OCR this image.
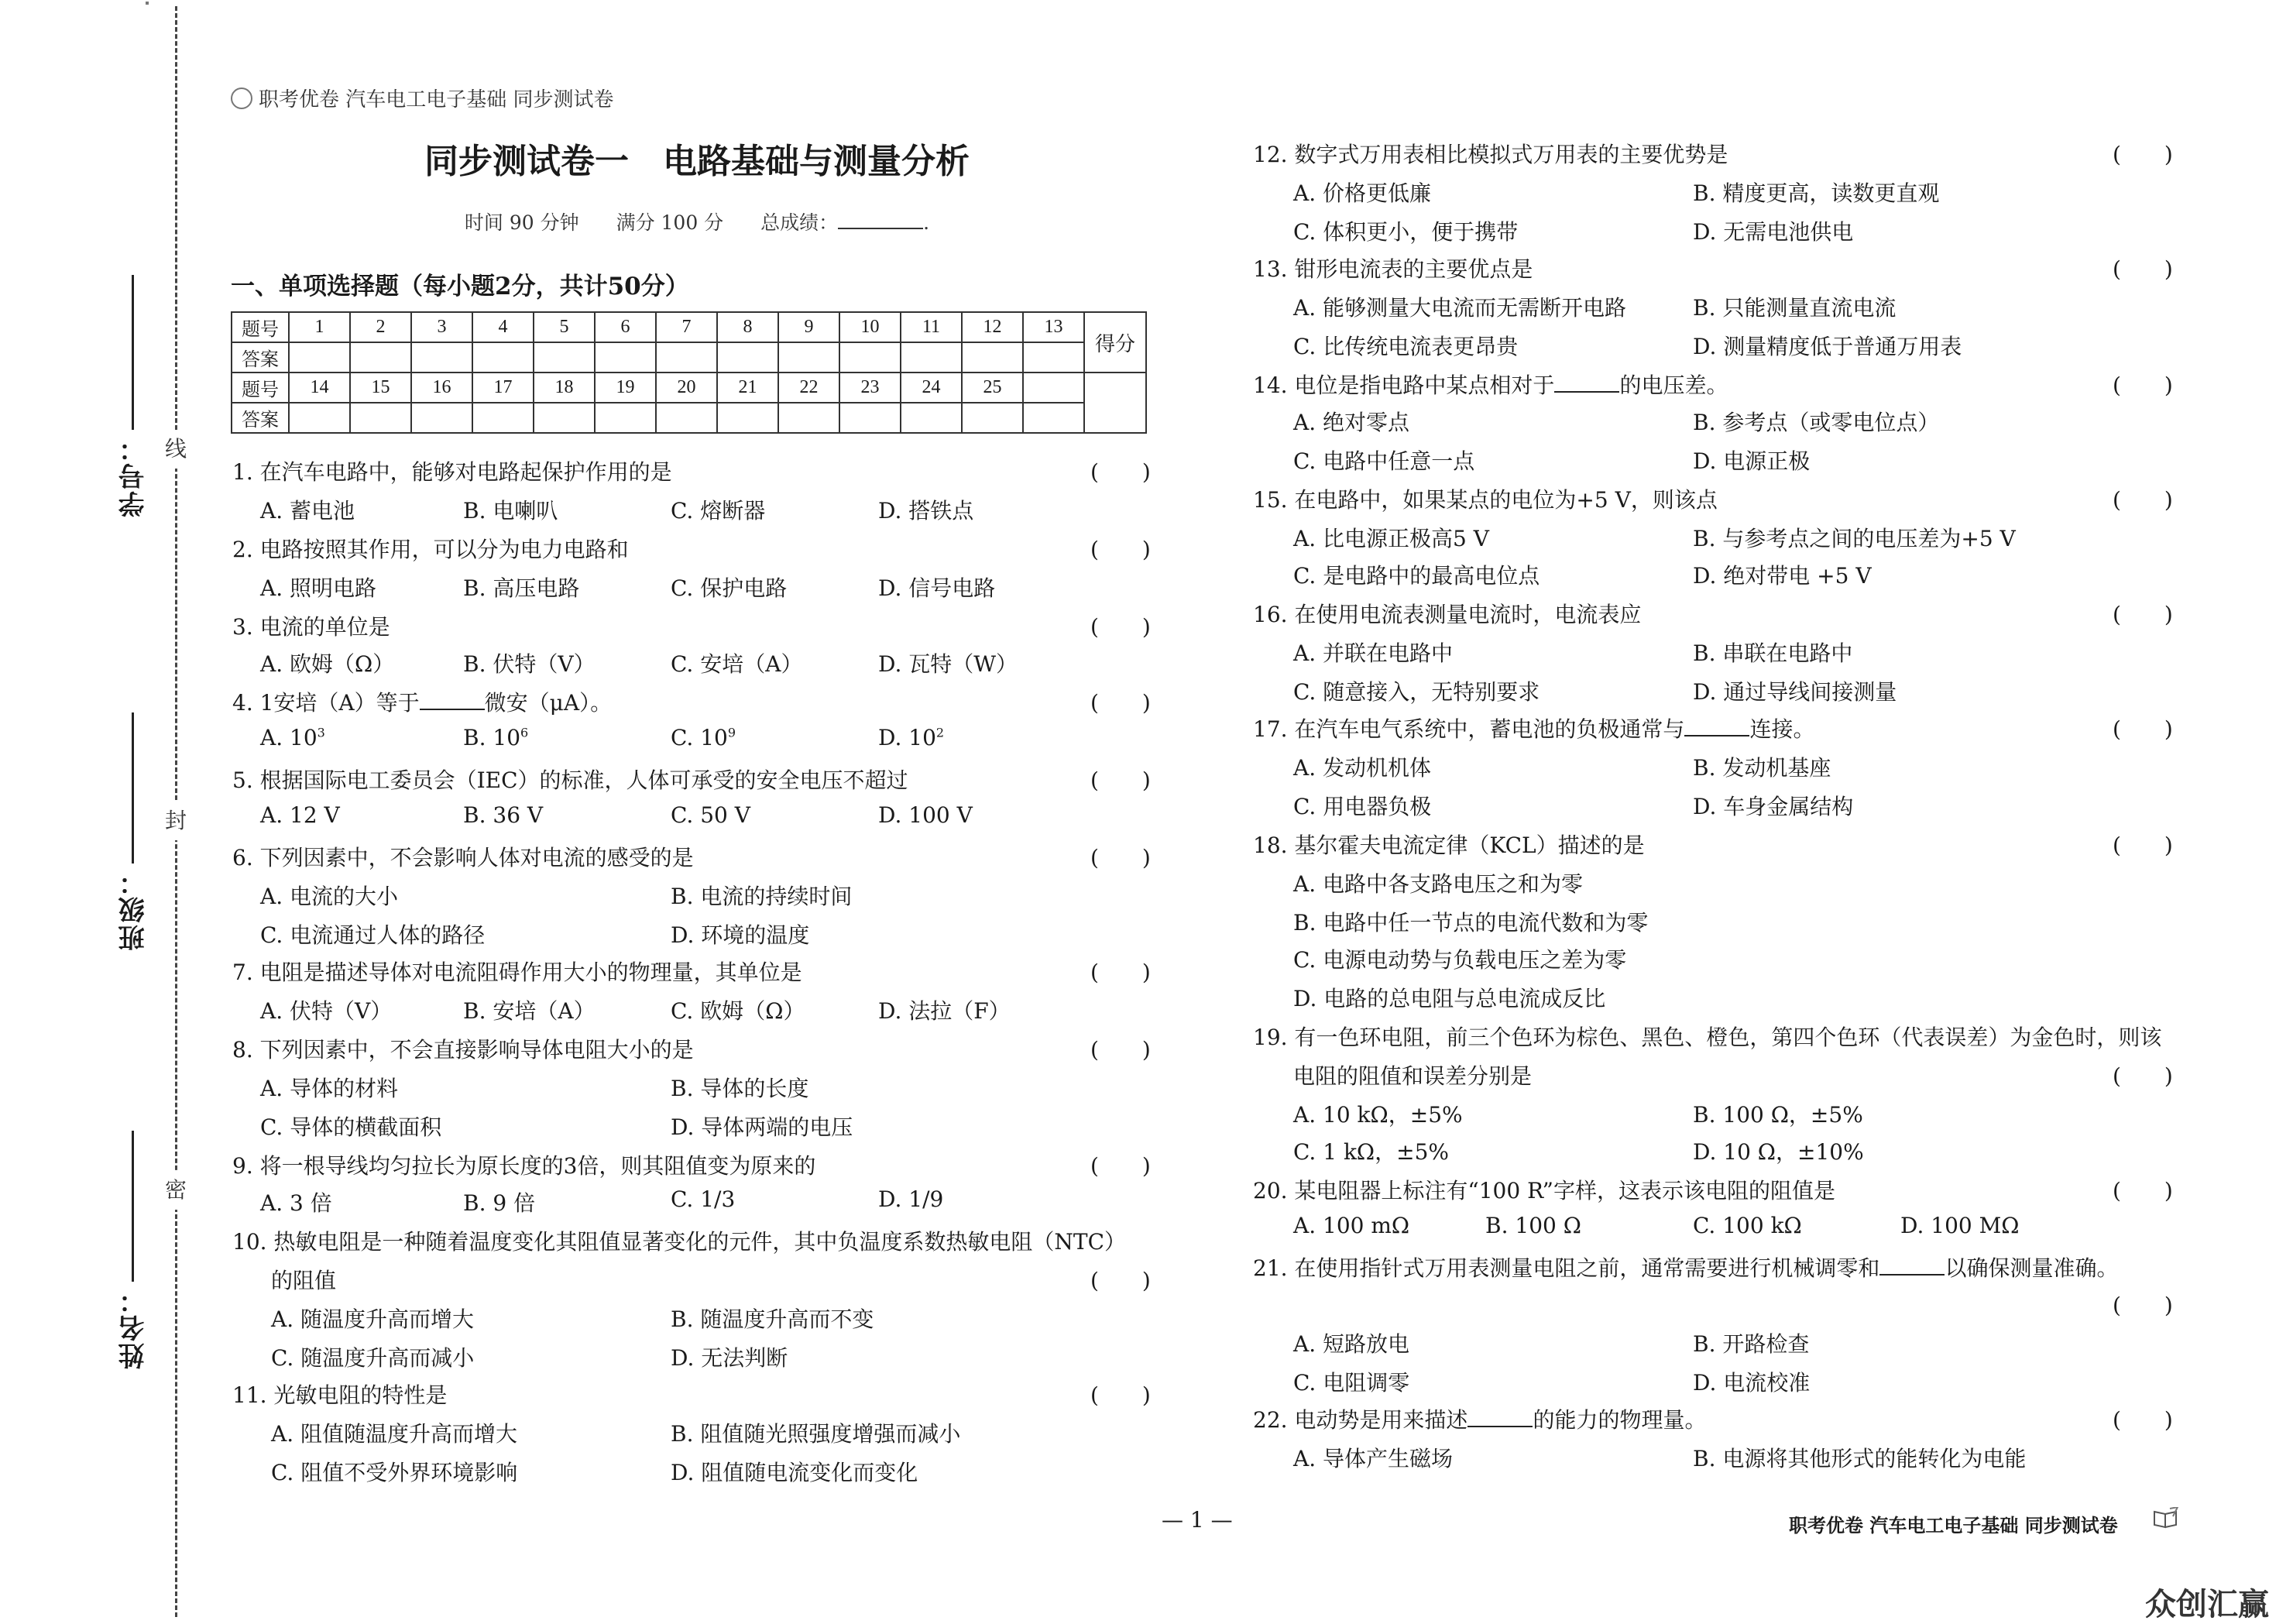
线
封
密
学号：
班级：
姓名：
职考优卷 汽车电工电子基础 同步测试卷
同步测试卷一　电路基础与测量分析
时间 90 分钟 满分 100 分 总成绩：	.
一、单项选择题（每小题2分，共计50分）
题号	1	2	3	4	5	6	7	8	9	10	11	12	13	得分
答案														
题号	14	15	16	17	18	19	20	21	22	23	24	25		
答案														
1. 在汽车电路中，能够对电路起保护作用的是	(　　)
A. 蓄电池	B. 电喇叭	C. 熔断器	D. 搭铁点
2. 电路按照其作用，可以分为电力电路和	(　　)
A. 照明电路	B. 高压电路	C. 保护电路	D. 信号电路
3. 电流的单位是	(　　)
A. 欧姆（Ω）	B. 伏特（V）	C. 安培（A）	D. 瓦特（W）
4. 1安培（A）等于	微安（μA）。	(　　)
A. $10^3$	B. $10^6$	C. $10^9$	D. $10^2$
5. 根据国际电工委员会（IEC）的标准，人体可承受的安全电压不超过	(　　)
A. 12 V	B. 36 V	C. 50 V	D. 100 V
6. 下列因素中，不会影响人体对电流的感受的是	(　　)
A. 电流的大小	B. 电流的持续时间
C. 电流通过人体的路径	D. 环境的温度
7. 电阻是描述导体对电流阻碍作用大小的物理量，其单位是	(　　)
A. 伏特（V）	B. 安培（A）	C. 欧姆（Ω）	D. 法拉（F）
8. 下列因素中，不会直接影响导体电阻大小的是	(　　)
A. 导体的材料	B. 导体的长度
C. 导体的横截面积	D. 导体两端的电压
9. 将一根导线均匀拉长为原长度的3倍，则其阻值变为原来的	(　　)
A. 3 倍	B. 9 倍	C. 1/3	D. 1/9
10. 热敏电阻是一种随着温度变化其阻值显著变化的元件，其中负温度系数热敏电阻（NTC）
的阻值	(　　)
A. 随温度升高而增大	B. 随温度升高而不变
C. 随温度升高而减小	D. 无法判断
11. 光敏电阻的特性是	(　　)
A. 阻值随温度升高而增大	B. 阻值随光照强度增强而减小
C. 阻值不受外界环境影响	D. 阻值随电流变化而变化
12. 数字式万用表相比模拟式万用表的主要优势是	(　　)
A. 价格更低廉	B. 精度更高，读数更直观
C. 体积更小，便于携带	D. 无需电池供电
13. 钳形电流表的主要优点是	(　　)
A. 能够测量大电流而无需断开电路	B. 只能测量直流电流
C. 比传统电流表更昂贵	D. 测量精度低于普通万用表
14. 电位是指电路中某点相对于	的电压差。	(　　)
A. 绝对零点	B. 参考点（或零电位点）
C. 电路中任意一点	D. 电源正极
15. 在电路中，如果某点的电位为+5 V，则该点	(　　)
A. 比电源正极高5 V	B. 与参考点之间的电压差为+5 V
C. 是电路中的最高电位点	D. 绝对带电 +5 V
16. 在使用电流表测量电流时，电流表应	(　　)
A. 并联在电路中	B. 串联在电路中
C. 随意接入，无特别要求	D. 通过导线间接测量
17. 在汽车电气系统中，蓄电池的负极通常与	连接。	(　　)
A. 发动机机体	B. 发动机基座
C. 用电器负极	D. 车身金属结构
18. 基尔霍夫电流定律（KCL）描述的是	(　　)
A. 电路中各支路电压之和为零
B. 电路中任一节点的电流代数和为零
C. 电源电动势与负载电压之差为零
D. 电路的总电阻与总电流成反比
19. 有一色环电阻，前三个色环为棕色、黑色、橙色，第四个色环（代表误差）为金色时，则该
电阻的阻值和误差分别是	(　　)
A. 10 kΩ，±5%	B. 100 Ω，±5%
C. 1 kΩ，±5%	D. 10 Ω，±10%
20. 某电阻器上标注有“100 R”字样，这表示该电阻的阻值是	(　　)
A. 100 mΩ	B. 100 Ω	C. 100 kΩ	D. 100 MΩ
21. 在使用指针式万用表测量电阻之前，通常需要进行机械调零和	以确保测量准确。
(　　)
A. 短路放电	B. 开路检查
C. 电阻调零	D. 电流校准
22. 电动势是用来描述	的能力的物理量。	(　　)
A. 导体产生磁场	B. 电源将其他形式的能转化为电能
— 1 —	职考优卷 汽车电工电子基础 同步测试卷
众创汇赢
